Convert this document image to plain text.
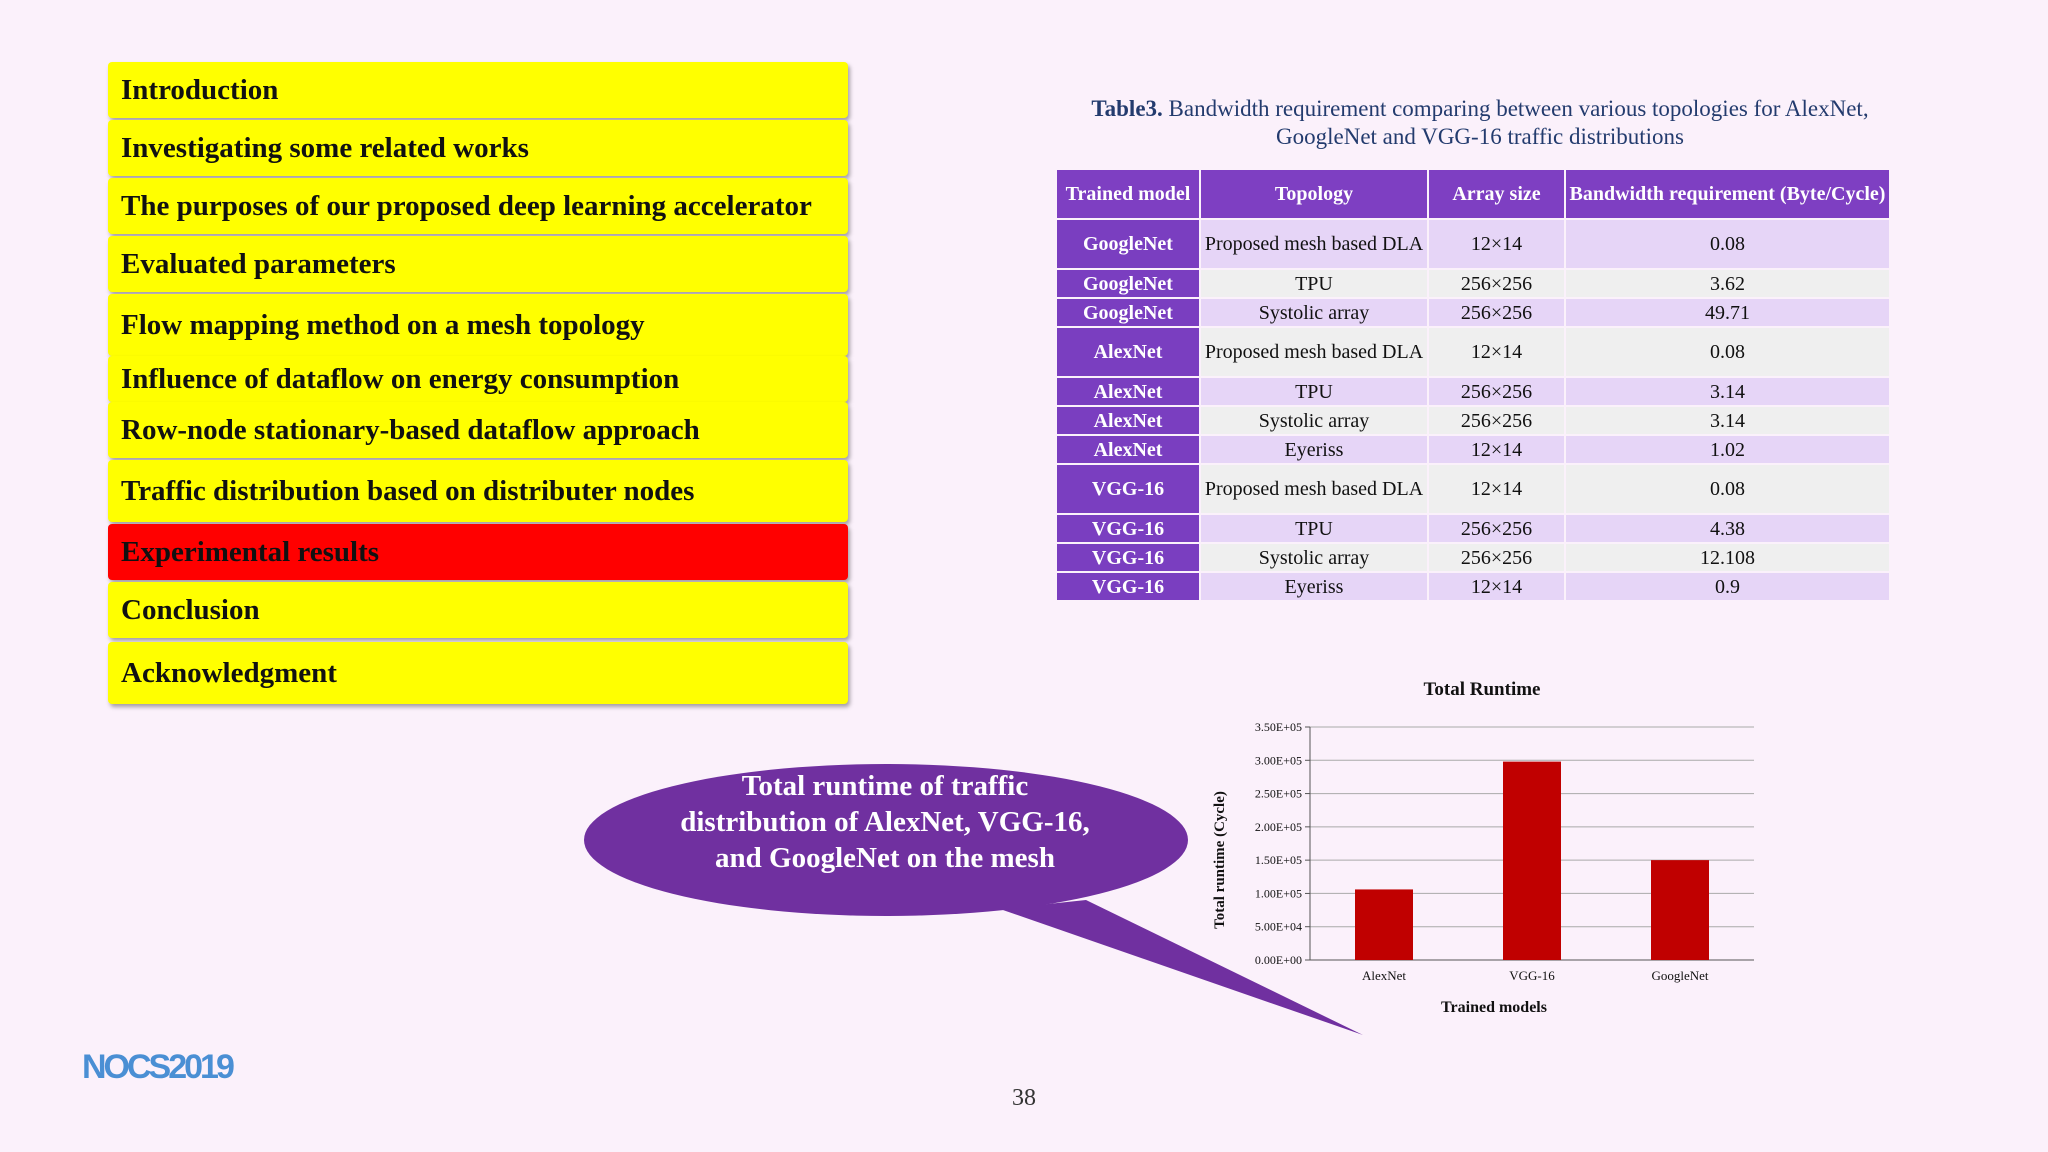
Introduction
Investigating some related works
The purposes of our proposed deep learning accelerator
Evaluated parameters
Flow mapping method on a mesh topology
Influence of dataflow on energy consumption
Row-node stationary-based dataflow approach
Traffic distribution based on distributer nodes
Experimental results
Conclusion
Acknowledgment
Table3. Bandwidth requirement comparing between various topologies for AlexNet, GoogleNet and VGG-16 traffic distributions
Trained model	Topology	Array size	Bandwidth requirement (Byte/Cycle)
GoogleNet	Proposed mesh based DLA	12×14	0.08
GoogleNet	TPU	256×256	3.62
GoogleNet	Systolic array	256×256	49.71
AlexNet	Proposed mesh based DLA	12×14	0.08
AlexNet	TPU	256×256	3.14
AlexNet	Systolic array	256×256	3.14
AlexNet	Eyeriss	12×14	1.02
VGG-16	Proposed mesh based DLA	12×14	0.08
VGG-16	TPU	256×256	4.38
VGG-16	Systolic array	256×256	12.108
VGG-16	Eyeriss	12×14	0.9
Total Runtime
0.00E+00
5.00E+04
1.00E+05
1.50E+05
2.00E+05
2.50E+05
3.00E+05
3.50E+05
AlexNet	VGG-16	GoogleNet
Total runtime (Cycle)
Trained models
Total runtime of traffic distribution of AlexNet, VGG-16, and GoogleNet on the mesh
NOCS2019
38
